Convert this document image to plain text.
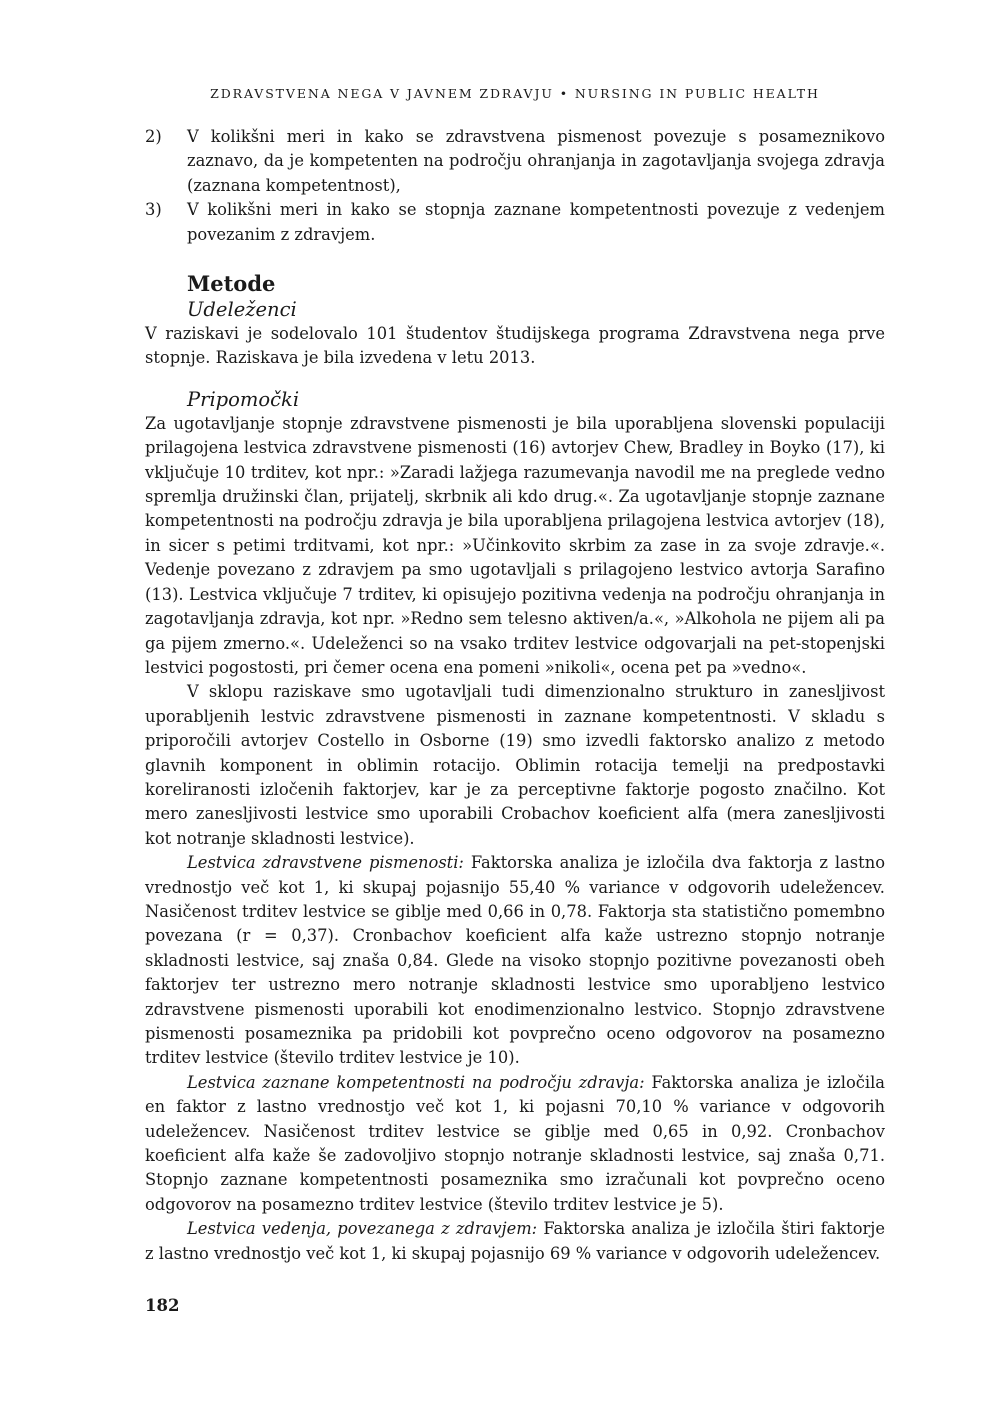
ZDRAVSTVENA NEGA V JAVNEM ZDRAVJU • NURSING IN PUBLIC HEALTH
2) V kolikšni meri in kako se zdravstvena pismenost povezuje s posameznikovo zaznavo, da je kompetenten na področju ohranjanja in zagotavljanja svojega zdravja (zaznana kompetentnost),
3) V kolikšni meri in kako se stopnja zaznane kompetentnosti povezuje z vedenjem povezanim z zdravjem.
Metode
Udeleženci

V raziskavi je sodelovalo 101 študentov študijskega programa Zdravstvena nega prve stopnje. Raziskava je bila izvedena v letu 2013.

Pripomočki

Za ugotavljanje stopnje zdravstvene pismenosti je bila uporabljena slovenski populaciji prilagojena lestvica zdravstvene pismenosti (16) avtorjev Chew, Bradley in Boyko (17), ki vključuje 10 trditev, kot npr.: »Zaradi lažjega razumevanja navodil me na preglede vedno spremlja družinski član, prijatelj, skrbnik ali kdo drug.«. Za ugotavljanje stopnje zaznane kompetentnosti na področju zdravja je bila uporabljena prilagojena lestvica avtorjev (18), in sicer s petimi trditvami, kot npr.: »Učinkovito skrbim za zase in za svoje zdravje.«. Vedenje povezano z zdravjem pa smo ugotavljali s prilagojeno lestvico avtorja Sarafino (13). Lestvica vključuje 7 trditev, ki opisujejo pozitivna vedenja na področju ohranjanja in zagotavljanja zdravja, kot npr. »Redno sem telesno aktiven/a.«, »Alkohola ne pijem ali pa ga pijem zmerno.«. Udeleženci so na vsako trditev lestvice odgovarjali na pet-stopenjski lestvici pogostosti, pri čemer ocena ena pomeni »nikoli«, ocena pet pa »vedno«.

V sklopu raziskave smo ugotavljali tudi dimenzionalno strukturo in zanesljivost uporabljenih lestvic zdravstvene pismenosti in zaznane kompetentnosti. V skladu s priporočili avtorjev Costello in Osborne (19) smo izvedli faktorsko analizo z metodo glavnih komponent in oblimin rotacijo. Oblimin rotacija temelji na predpostavki koreliranosti izločenih faktorjev, kar je za perceptivne faktorje pogosto značilno. Kot mero zanesljivosti lestvice smo uporabili Crobachov koeficient alfa (mera zanesljivosti kot notranje skladnosti lestvice).

Lestvica zdravstvene pismenosti: Faktorska analiza je izločila dva faktorja z lastno vrednostjo več kot 1, ki skupaj pojasnijo 55,40 % variance v odgovorih udeležencev. Nasičenost trditev lestvice se giblje med 0,66 in 0,78. Faktorja sta statistično pomembno povezana (r = 0,37). Cronbachov koeficient alfa kaže ustrezno stopnjo notranje skladnosti lestvice, saj znaša 0,84. Glede na visoko stopnjo pozitivne povezanosti obeh faktorjev ter ustrezno mero notranje skladnosti lestvice smo uporabljeno lestvico zdravstvene pismenosti uporabili kot enodimenzionalno lestvico. Stopnjo zdravstvene pismenosti posameznika pa pridobili kot povprečno oceno odgovorov na posamezno trditev lestvice (število trditev lestvice je 10).

Lestvica zaznane kompetentnosti na področju zdravja: Faktorska analiza je izločila en faktor z lastno vrednostjo več kot 1, ki pojasni 70,10 % variance v odgovorih udeležencev. Nasičenost trditev lestvice se giblje med 0,65 in 0,92. Cronbachov koeficient alfa kaže še zadovoljivo stopnjo notranje skladnosti lestvice, saj znaša 0,71. Stopnjo zaznane kompetentnosti posameznika smo izračunali kot povprečno oceno odgovorov na posamezno trditev lestvice (število trditev lestvice je 5).

Lestvica vedenja, povezanega z zdravjem: Faktorska analiza je izločila štiri faktorje z lastno vrednostjo več kot 1, ki skupaj pojasnijo 69 % variance v odgovorih udeležencev.

182
